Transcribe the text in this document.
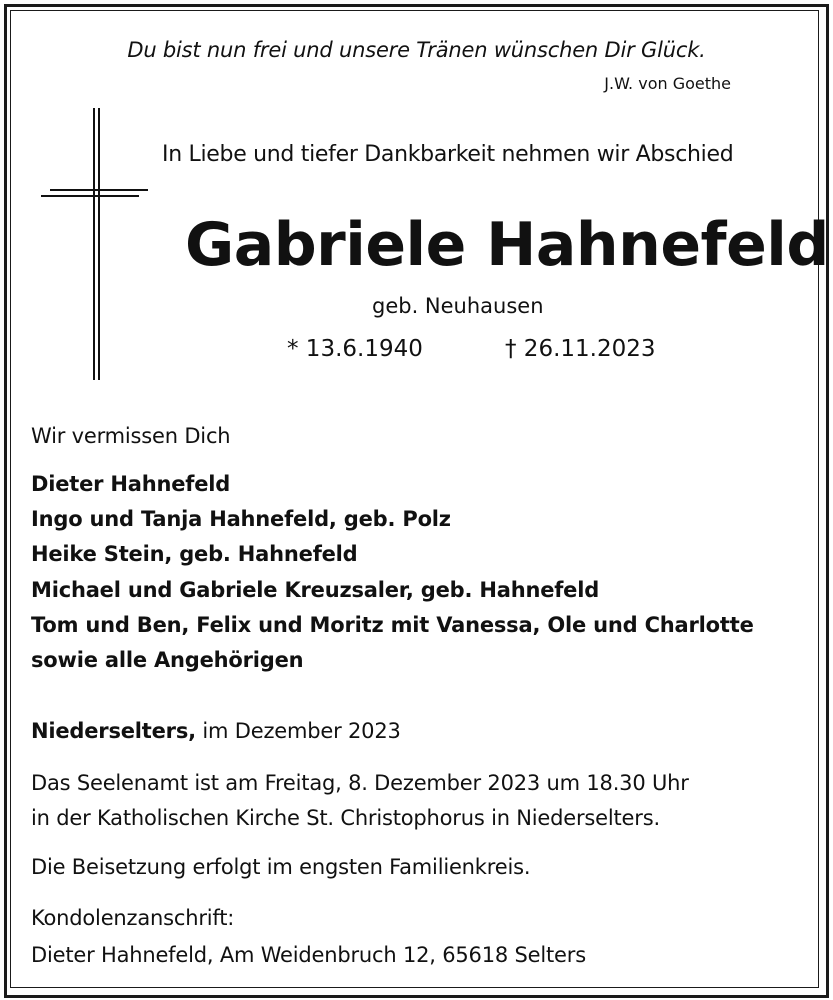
Du bist nun frei und unsere Tränen wünschen Dir Glück.
J.W. von Goethe
In Liebe und tiefer Dankbarkeit nehmen wir Abschied
Gabriele Hahnefeld
geb. Neuhausen
* 13.6.1940	† 26.11.2023
Wir vermissen Dich
Dieter Hahnefeld
Ingo und Tanja Hahnefeld, geb. Polz
Heike Stein, geb. Hahnefeld
Michael und Gabriele Kreuzsaler, geb. Hahnefeld
Tom und Ben, Felix und Moritz mit Vanessa, Ole und Charlotte
sowie alle Angehörigen
Niederselters, im Dezember 2023
Das Seelenamt ist am Freitag, 8. Dezember 2023 um 18.30 Uhr
in der Katholischen Kirche St. Christophorus in Niederselters.
Die Beisetzung erfolgt im engsten Familienkreis.
Kondolenzanschrift:
Dieter Hahnefeld, Am Weidenbruch 12, 65618 Selters
